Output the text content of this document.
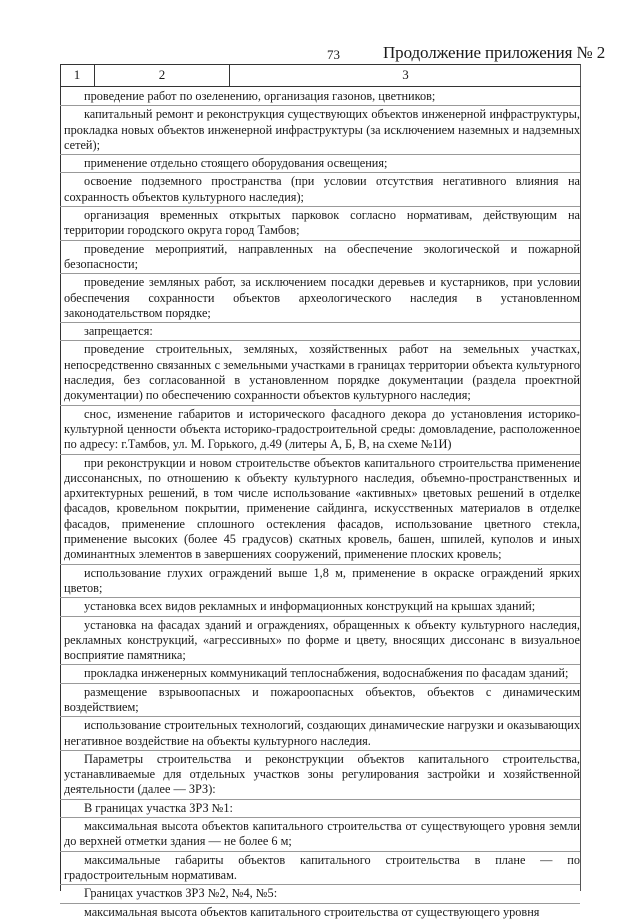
73	Продолжение приложения № 2
1	2	3

проведение работ по озеленению, организация газонов, цветников;

капитальный ремонт и реконструкция существующих объектов инженерной инфраструктуры, прокладка новых объектов инженерной инфраструктуры (за исключением наземных и надземных сетей);

применение отдельно стоящего оборудования освещения;

освоение подземного пространства (при условии отсутствия негативного влияния на сохранность объектов культурного наследия);

организация временных открытых парковок согласно нормативам, действующим на территории городского округа город Тамбов;

проведение мероприятий, направленных на обеспечение экологической и пожарной безопасности;

проведение земляных работ, за исключением посадки деревьев и кустарников, при условии обеспечения сохранности объектов археологического наследия в установленном законодательством порядке;

запрещается:

проведение строительных, земляных, хозяйственных работ на земельных участках, непосредственно связанных с земельными участками в границах территории объекта культурного наследия, без согласованной в установленном порядке документации (раздела проектной документации) по обеспечению сохранности объектов культурного наследия;

снос, изменение габаритов и исторического фасадного декора до установления историко-культурной ценности объекта историко-градостроительной среды: домовладение, расположенное по адресу: г.Тамбов, ул. М. Горького, д.49 (литеры А, Б, В, на схеме №1И)

при реконструкции и новом строительстве объектов капитального строительства применение диссонансных, по отношению к объекту культурного наследия, объемно-пространственных и архитектурных решений, в том числе использование «активных» цветовых решений в отделке фасадов, кровельном покрытии, применение сайдинга, искусственных материалов в отделке фасадов, применение сплошного остекления фасадов, использование цветного стекла, применение высоких (более 45 градусов) скатных кровель, башен, шпилей, куполов и иных доминантных элементов в завершениях сооружений, применение плоских кровель;

использование глухих ограждений выше 1,8 м, применение в окраске ограждений ярких цветов;

установка всех видов рекламных и информационных конструкций на крышах зданий;

установка на фасадах зданий и ограждениях, обращенных к объекту культурного наследия, рекламных конструкций, «агрессивных» по форме и цвету, вносящих диссонанс в визуальное восприятие памятника;

прокладка инженерных коммуникаций теплоснабжения, водоснабжения по фасадам зданий;

размещение взрывоопасных и пожароопасных объектов, объектов с динамическим воздействием;

использование строительных технологий, создающих динамические нагрузки и оказывающих негативное воздействие на объекты культурного наследия.

Параметры строительства и реконструкции объектов капитального строительства, устанавливаемые для отдельных участков зоны регулирования застройки и хозяйственной деятельности (далее — ЗРЗ):

В границах участка ЗРЗ №1:

максимальная высота объектов капитального строительства от существующего уровня земли до верхней отметки здания — не более 6 м;

максимальные габариты объектов капитального строительства в плане — по градостроительным нормативам.

Границах участков ЗРЗ №2, №4, №5:

максимальная высота объектов капитального строительства от существующего уровня
